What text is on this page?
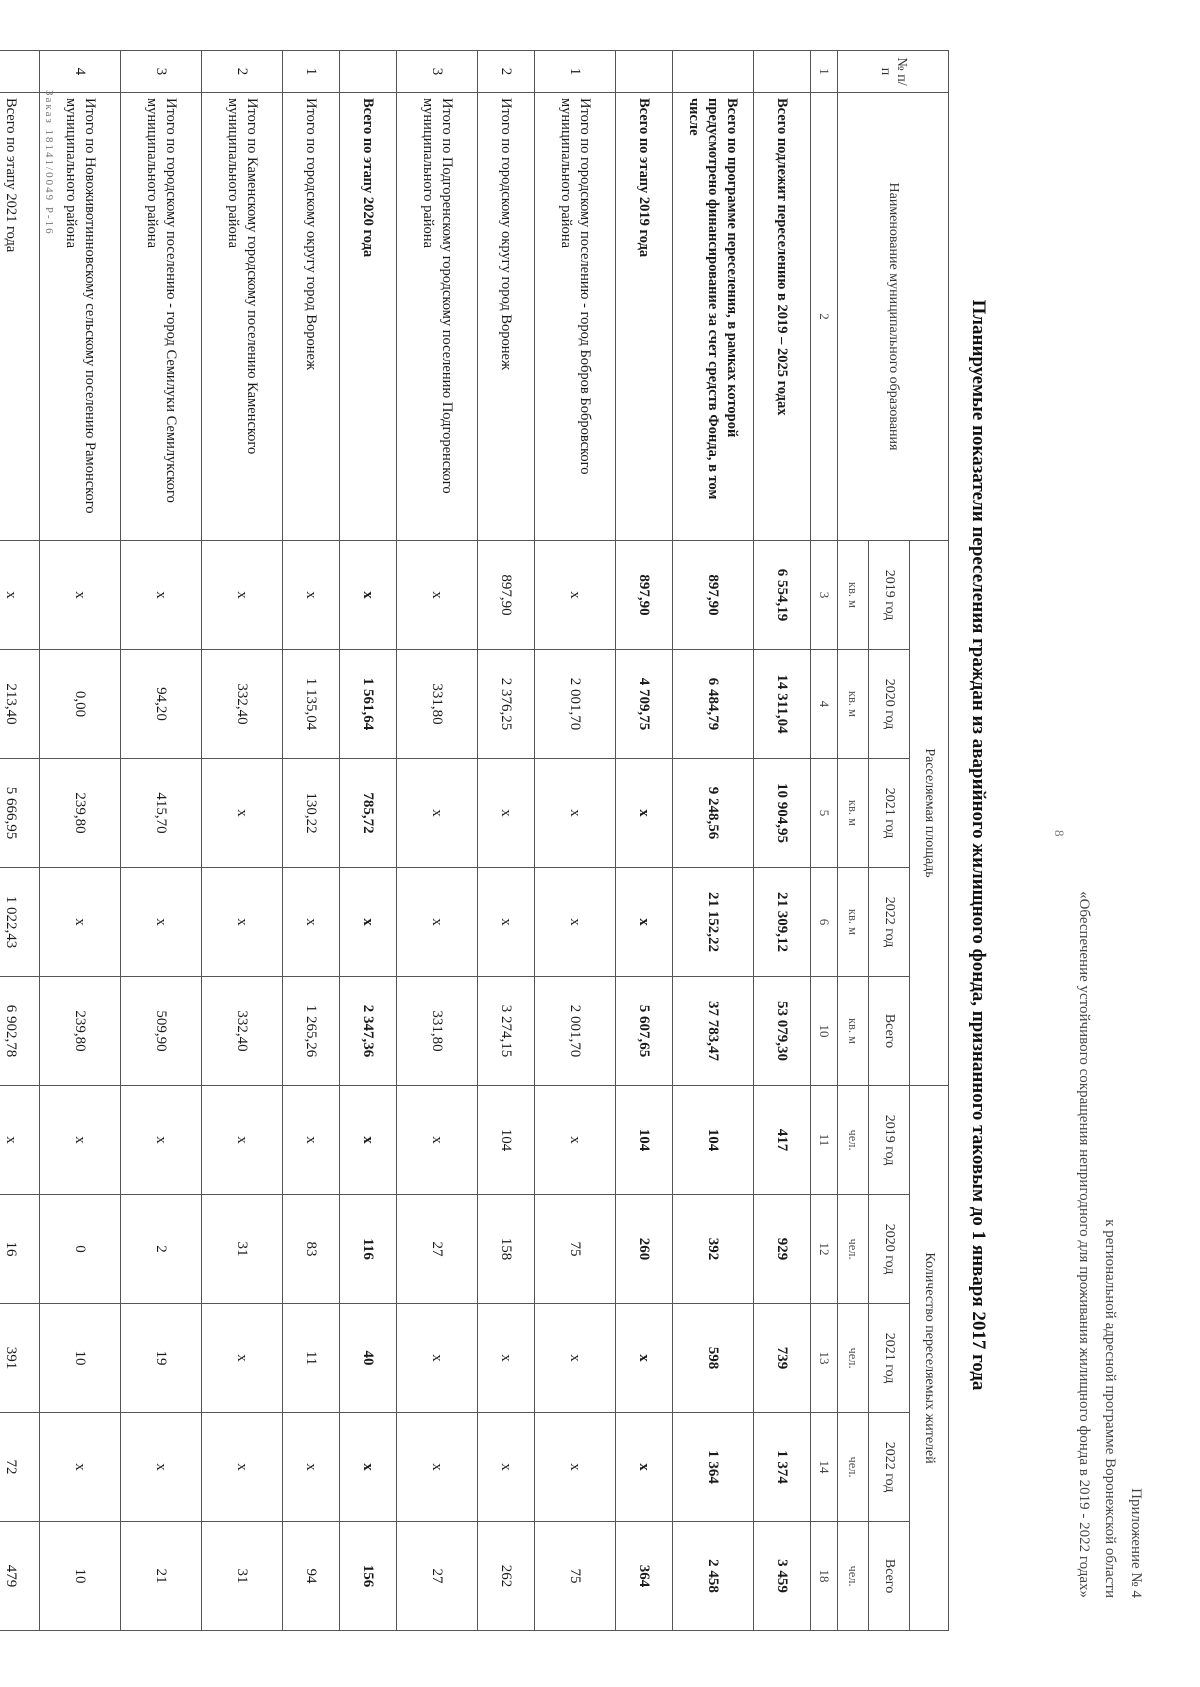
Приложение № 4
к региональной адресной программе Воронежской области
«Обеспечение устойчивого сокращения непригодного для проживания жилищного фонда в 2019 - 2022 годах»
8
Планируемые показатели переселения граждан из аварийного жилищного фонда, признанного таковым до 1 января 2017 года
№ п/п	Наименование муниципального образования	Расселяемая площадь					Количество переселяемых жителей				
		2019 год	2020 год	2021 год	2022 год	Всего	2019 год	2020 год	2021 год	2022 год	Всего
		кв. м	кв. м	кв. м	кв. м	кв. м	чел.	чел.	чел.	чел.	чел.
1	2	3	4	5	6	10	11	12	13	14	18
	Всего подлежит переселению в 2019 – 2025 годах	6 554,19	14 311,04	10 904,95	21 309,12	53 079,30	417	929	739	1 374	3 459
	Всего по программе переселения, в рамках которой предусмотрено финансирование за счет средств Фонда, в том числе	897,90	6 484,79	9 248,56	21 152,22	37 783,47	104	392	598	1 364	2 458
	Всего по этапу 2019 года	897,90	4 709,75	x	x	5 607,65	104	260	x	x	364
1	Итого по городскому поселению - город Бобров Бобровского муниципального района	x	2 001,70	x	x	2 001,70	x	75	x	x	75
2	Итого по городскому округу город Воронеж	897,90	2 376,25	x	x	3 274,15	104	158	x	x	262
3	Итого по Подгоренскому городскому поселению Подгоренского муниципального района	x	331,80	x	x	331,80	x	27	x	x	27
	Всего по этапу 2020 года	x	1 561,64	785,72	x	2 347,36	x	116	40	x	156
1	Итого по городскому округу город Воронеж	x	1 135,04	130,22	x	1 265,26	x	83	11	x	94
2	Итого по Каменскому городскому поселению Каменского муниципального района	x	332,40	x	x	332,40	x	31	x	x	31
3	Итого по городскому поселению - город Семилуки Семилукского муниципального района	x	94,20	415,70	x	509,90	x	2	19	x	21
4	Итого по Новоживотинновскому сельскому поселению Рамонского муниципального района	x	0,00	239,80	x	239,80	x	0	10	x	10
	Всего по этапу 2021 года	x	213,40	5 666,95	1 022,43	6 902,78	x	16	391	72	479
Заказ 18141/0049 Р-16
